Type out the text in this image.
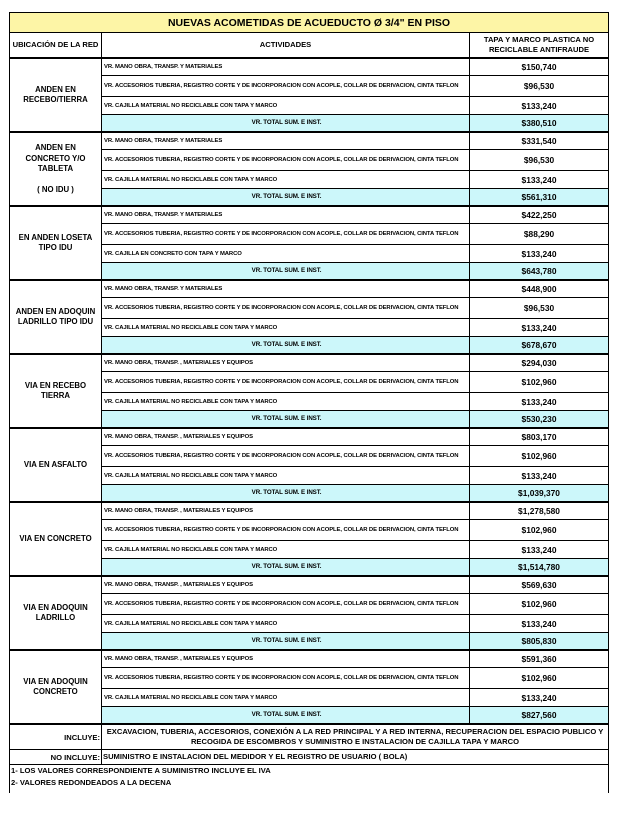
NUEVAS ACOMETIDAS DE ACUEDUCTO Ø 3/4" EN PISO		
UBICACIÓN DE LA RED	ACTIVIDADES	TAPA Y MARCO PLASTICA NO RECICLABLE ANTIFRAUDE

ANDEN EN
RECEBO/TIERRA	VR. MANO OBRA, TRANSP. Y MATERIALES	$150,740
	VR. ACCESORIOS TUBERIA, REGISTRO CORTE Y DE INCORPORACION CON ACOPLE, COLLAR DE DERIVACION, CINTA TEFLON	$96,530
	VR. CAJILLA MATERIAL NO RECICLABLE CON TAPA Y MARCO	$133,240
	VR. TOTAL SUM. E INST.	$380,510

ANDEN EN
CONCRETO Y/O
TABLETA
( NO IDU )	VR. MANO OBRA, TRANSP. Y MATERIALES	$331,540
	VR. ACCESORIOS TUBERIA, REGISTRO CORTE Y DE INCORPORACION CON ACOPLE, COLLAR DE DERIVACION, CINTA TEFLON	$96,530
	VR. CAJILLA MATERIAL NO RECICLABLE CON TAPA Y MARCO	$133,240
	VR. TOTAL SUM. E INST.	$561,310

EN ANDEN LOSETA
TIPO IDU	VR. MANO OBRA, TRANSP. Y MATERIALES	$422,250
	VR. ACCESORIOS TUBERIA, REGISTRO CORTE Y DE INCORPORACION CON ACOPLE, COLLAR DE DERIVACION, CINTA TEFLON	$88,290
	VR. CAJILLA EN CONCRETO CON TAPA Y MARCO	$133,240
	VR. TOTAL SUM. E INST.	$643,780

ANDEN EN ADOQUIN
LADRILLO TIPO IDU	VR. MANO OBRA, TRANSP. Y MATERIALES	$448,900
	VR. ACCESORIOS TUBERIA, REGISTRO CORTE Y DE INCORPORACION CON ACOPLE, COLLAR DE DERIVACION, CINTA TEFLON	$96,530
	VR. CAJILLA MATERIAL NO RECICLABLE CON TAPA Y MARCO	$133,240
	VR. TOTAL SUM. E INST.	$678,670

VIA EN RECEBO
TIERRA	VR. MANO OBRA, TRANSP. , MATERIALES Y EQUIPOS	$294,030
	VR. ACCESORIOS TUBERIA, REGISTRO CORTE Y DE INCORPORACION CON ACOPLE, COLLAR DE DERIVACION, CINTA TEFLON	$102,960
	VR. CAJILLA MATERIAL NO RECICLABLE CON TAPA Y MARCO	$133,240
	VR. TOTAL SUM. E INST.	$530,230

VIA EN ASFALTO	VR. MANO OBRA, TRANSP. , MATERIALES Y EQUIPOS	$803,170
	VR. ACCESORIOS TUBERIA, REGISTRO CORTE Y DE INCORPORACION CON ACOPLE, COLLAR DE DERIVACION, CINTA TEFLON	$102,960
	VR. CAJILLA MATERIAL NO RECICLABLE CON TAPA Y MARCO	$133,240
	VR. TOTAL SUM. E INST.	$1,039,370

VIA EN CONCRETO	VR. MANO OBRA, TRANSP. , MATERIALES Y EQUIPOS	$1,278,580
	VR. ACCESORIOS TUBERIA, REGISTRO CORTE Y DE INCORPORACION CON ACOPLE, COLLAR DE DERIVACION, CINTA TEFLON	$102,960
	VR. CAJILLA MATERIAL NO RECICLABLE CON TAPA Y MARCO	$133,240
	VR. TOTAL SUM. E INST.	$1,514,780

VIA EN ADOQUIN
LADRILLO	VR. MANO OBRA, TRANSP. , MATERIALES Y EQUIPOS	$569,630
	VR. ACCESORIOS TUBERIA, REGISTRO CORTE Y DE INCORPORACION CON ACOPLE, COLLAR DE DERIVACION, CINTA TEFLON	$102,960
	VR. CAJILLA MATERIAL NO RECICLABLE CON TAPA Y MARCO	$133,240
	VR. TOTAL SUM. E INST.	$805,830

VIA EN ADOQUIN
CONCRETO	VR. MANO OBRA, TRANSP. , MATERIALES Y EQUIPOS	$591,360
	VR. ACCESORIOS TUBERIA, REGISTRO CORTE Y DE INCORPORACION CON ACOPLE, COLLAR DE DERIVACION, CINTA TEFLON	$102,960
	VR. CAJILLA MATERIAL NO RECICLABLE CON TAPA Y MARCO	$133,240
	VR. TOTAL SUM. E INST.	$827,560
INCLUYE:	EXCAVACION, TUBERIA, ACCESORIOS, CONEXIÓN A LA RED PRINCIPAL Y A RED INTERNA, RECUPERACION DEL ESPACIO PUBLICO Y RECOGIDA DE ESCOMBROS Y SUMINISTRO E INSTALACION DE CAJILLA TAPA Y MARCO	
NO INCLUYE:	SUMINISTRO E INSTALACION DEL MEDIDOR Y EL REGISTRO DE USUARIO ( BOLA)	

1- LOS VALORES CORRESPONDIENTE A SUMINISTRO INCLUYE EL IVA
2- VALORES REDONDEADOS A LA DECENA		
